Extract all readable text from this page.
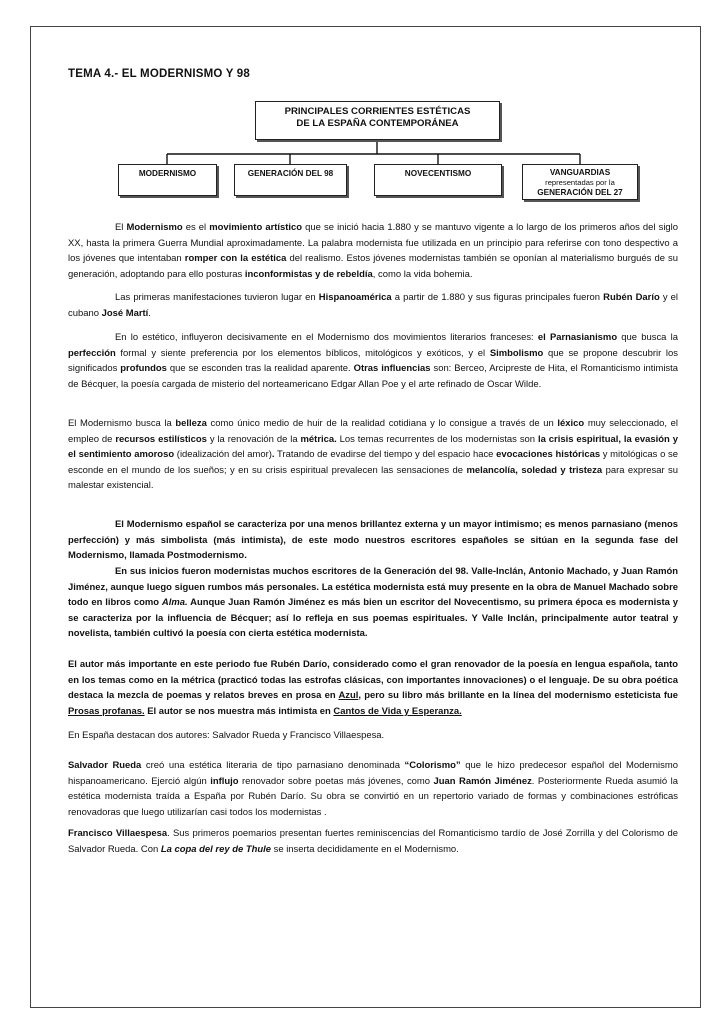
TEMA 4.- EL MODERNISMO Y 98
PRINCIPALES CORRIENTES ESTÉTICAS
DE LA ESPAÑA CONTEMPORÁNEA
MODERNISMO	GENERACIÓN DEL 98	NOVECENTISMO	VANGUARDIAS

representadas por la
GENERACIÓN DEL 27

El Modernismo es el movimiento artístico que se inició hacia 1.880 y se mantuvo vigente a lo largo de los primeros años del siglo XX, hasta la primera Guerra Mundial aproximadamente. La palabra modernista fue utilizada en un principio para referirse con tono despectivo a los jóvenes que intentaban romper con la estética del realismo. Estos jóvenes modernistas también se oponían al materialismo burgués de su generación, adoptando para ello posturas inconformistas y de rebeldía, como la vida bohemia.

Las primeras manifestaciones tuvieron lugar en Hispanoamérica a partir de 1.880 y sus figuras principales fueron Rubén Darío y el cubano José Martí.

En lo estético, influyeron decisivamente en el Modernismo dos movimientos literarios franceses: el Parnasianismo que busca la perfección formal y siente preferencia por los elementos bíblicos, mitológicos y exóticos, y el Simbolismo que se propone descubrir los significados profundos que se esconden tras la realidad aparente. Otras influencias son: Berceo, Arcipreste de Hita, el Romanticismo intimista de Bécquer, la poesía cargada de misterio del norteamericano Edgar Allan Poe y el arte refinado de Oscar Wilde.

El Modernismo busca la belleza como único medio de huir de la realidad cotidiana y lo consigue a través de un léxico muy seleccionado, el empleo de recursos estilísticos y la renovación de la métrica. Los temas recurrentes de los modernistas son la crisis espiritual, la evasión y el sentimiento amoroso (idealización del amor). Tratando de evadirse del tiempo y del espacio hace evocaciones históricas y mitológicas o se esconde en el mundo de los sueños; y en su crisis espiritual prevalecen las sensaciones de melancolía, soledad y tristeza para expresar su malestar existencial.

El Modernismo español se caracteriza por una menos brillantez externa y un mayor intimismo; es menos parnasiano (menos perfección) y más simbolista (más intimista), de este modo nuestros escritores españoles se sitúan en la segunda fase del Modernismo, llamada Postmodernismo.

En sus inicios fueron modernistas muchos escritores de la Generación del 98. Valle-Inclán, Antonio Machado, y Juan Ramón Jiménez, aunque luego siguen rumbos más personales. La estética modernista está muy presente en la obra de Manuel Machado sobre todo en libros como Alma. Aunque Juan Ramón Jiménez es más bien un escritor del Novecentismo, su primera época es modernista y se caracteriza por la influencia de Bécquer; así lo refleja en sus poemas espirituales. Y Valle Inclán, principalmente autor teatral y novelista, también cultivó la poesía con cierta estética modernista.

El autor más importante en este periodo fue Rubén Darío, considerado como el gran renovador de la poesía en lengua española, tanto en los temas como en la métrica (practicó todas las estrofas clásicas, con importantes innovaciones) o el lenguaje. De su obra poética destaca la mezcla de poemas y relatos breves en prosa en Azul, pero su libro más brillante en la línea del modernismo esteticista fue Prosas profanas. El autor se nos muestra más intimista en Cantos de Vida y Esperanza.

En España destacan dos autores: Salvador Rueda y Francisco Villaespesa.

Salvador Rueda creó una estética literaria de tipo parnasiano denominada “Colorismo” que le hizo predecesor español del Modernismo hispanoamericano. Ejerció algún influjo renovador sobre poetas más jóvenes, como Juan Ramón Jiménez. Posteriormente Rueda asumió la estética modernista traída a España por Rubén Darío. Su obra se convirtió en un repertorio variado de formas y combinaciones estróficas renovadoras que luego utilizarían casi todos los modernistas .

Francisco Villaespesa. Sus primeros poemarios presentan fuertes reminiscencias del Romanticismo tardío de José Zorrilla y del Colorismo de Salvador Rueda. Con La copa del rey de Thule se inserta decididamente en el Modernismo.
